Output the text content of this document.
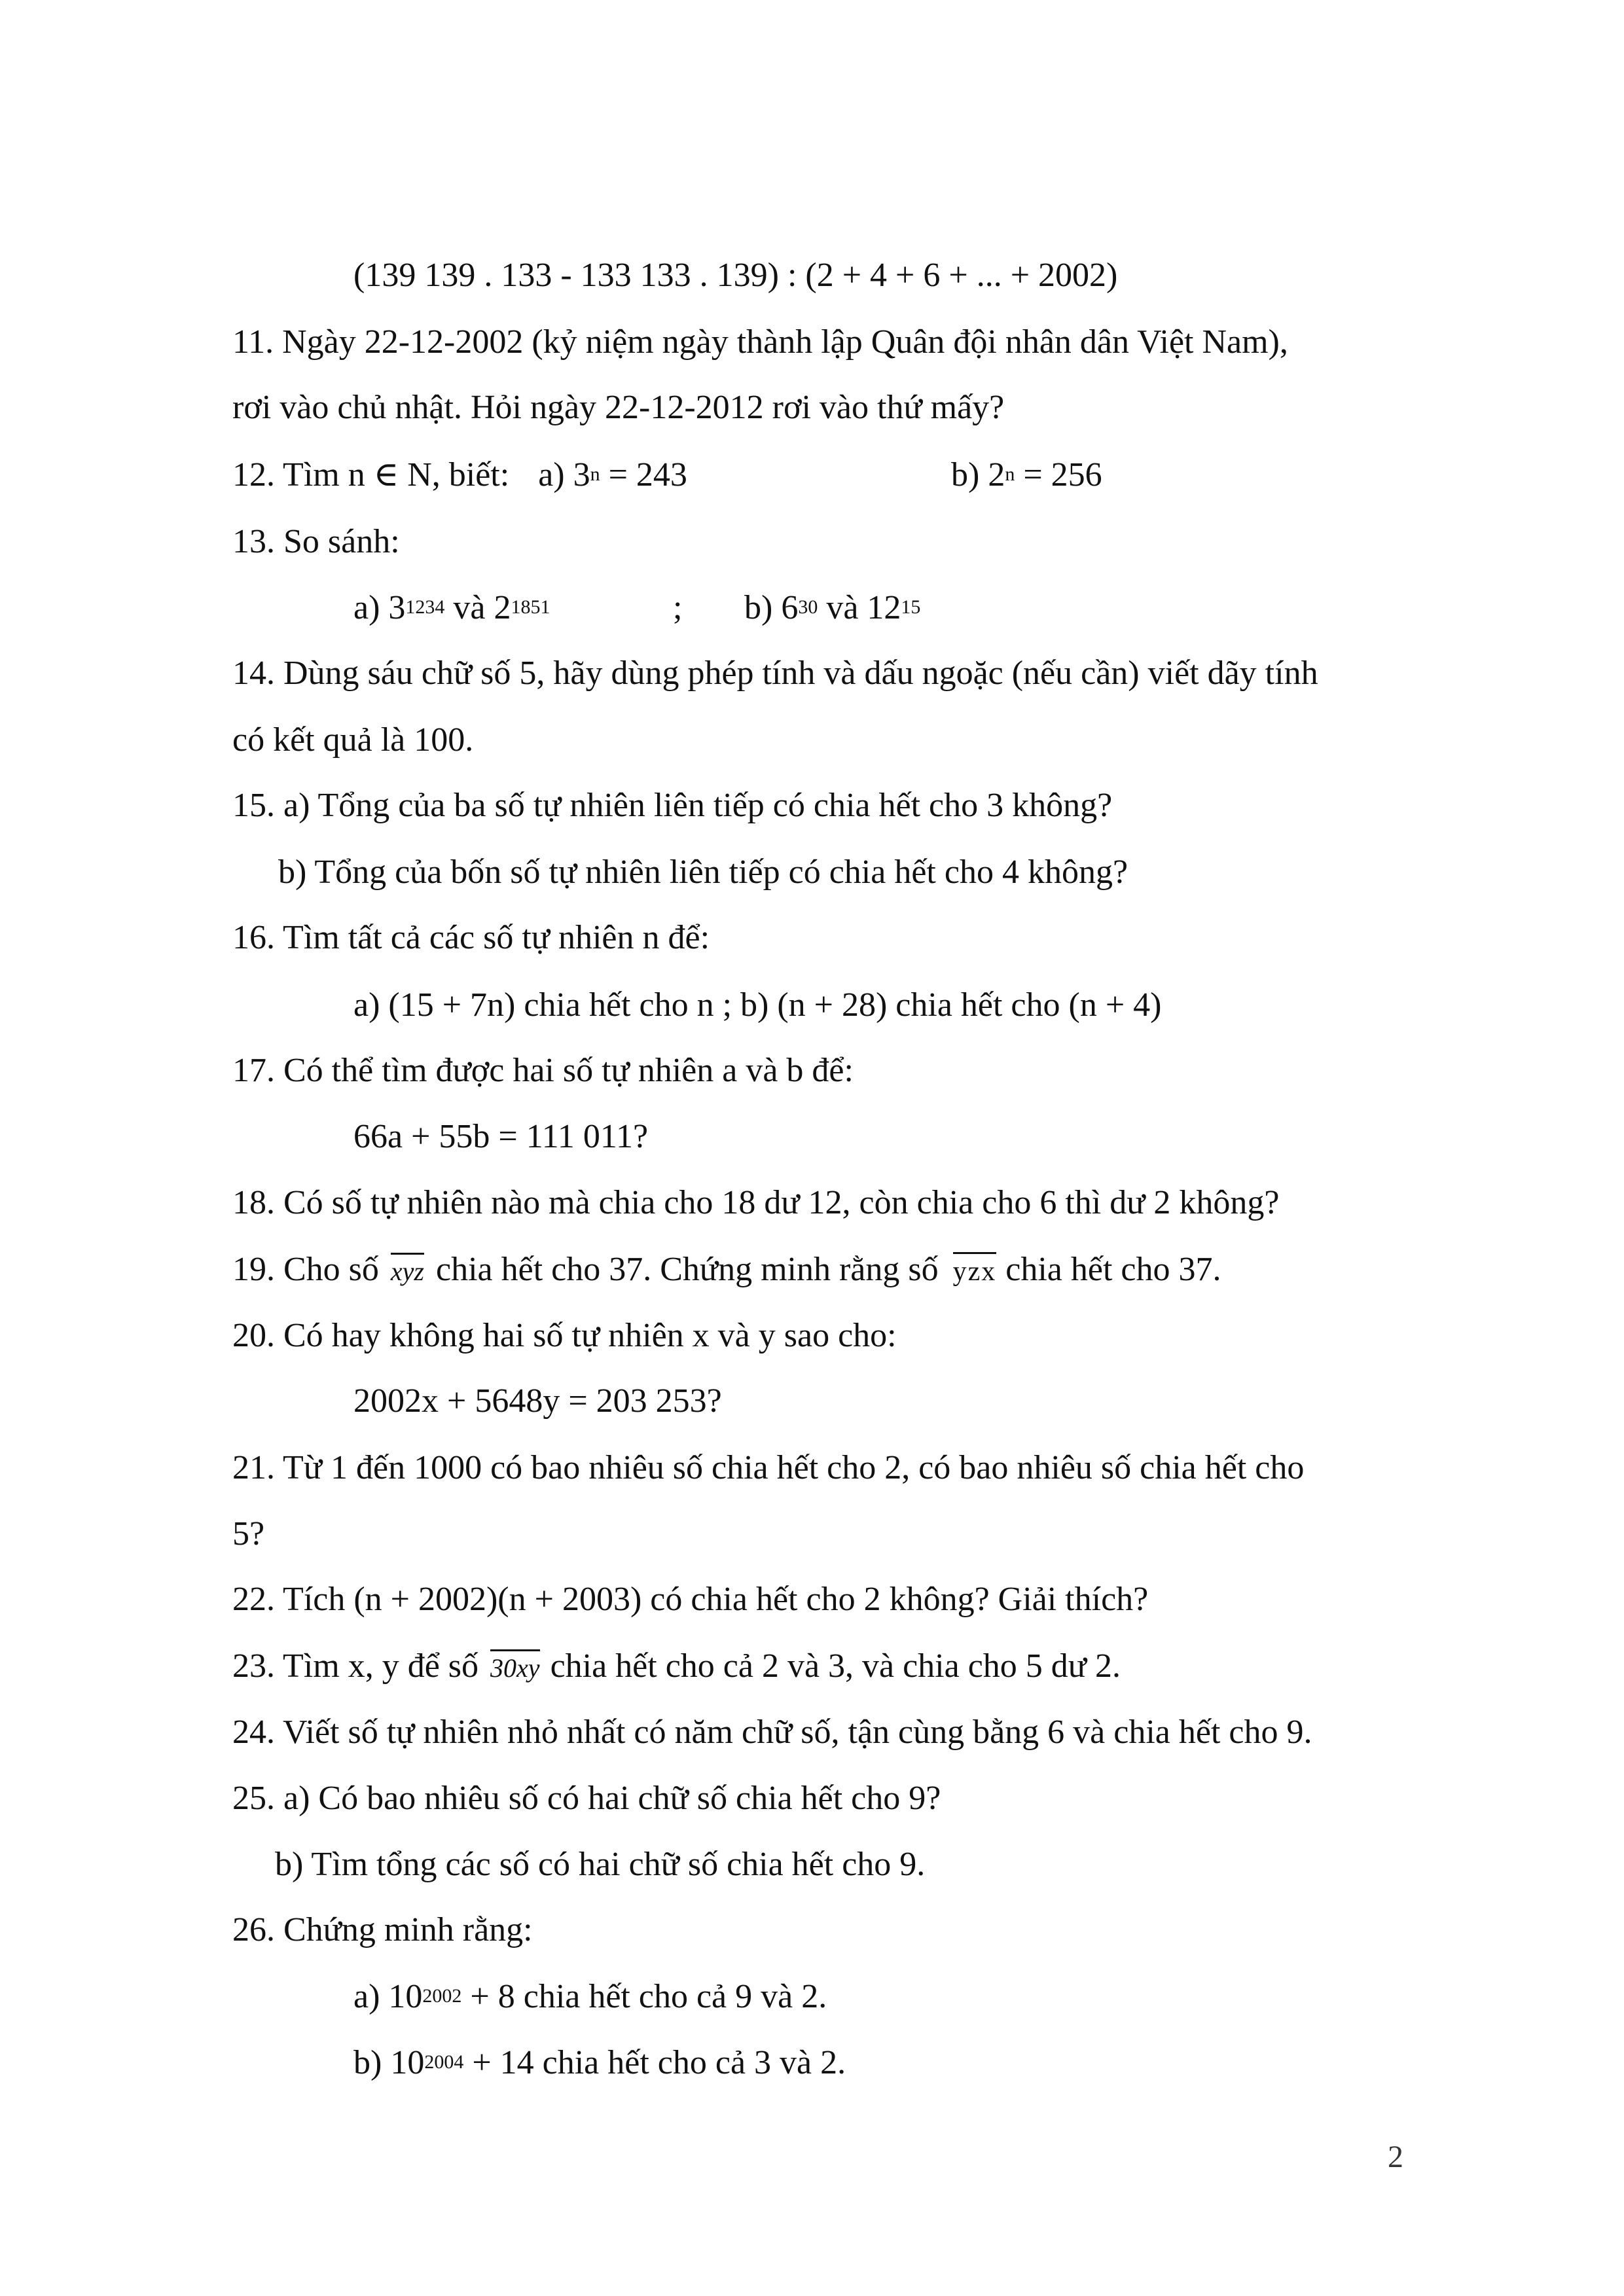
(139 139 . 133 - 133 133 . 139) : (2 + 4 + 6 + ... + 2002)
11. Ngày 22-12-2002 (kỷ niệm ngày thành lập Quân đội nhân dân Việt Nam),
rơi vào chủ nhật. Hỏi ngày 22-12-2012 rơi vào thứ mấy?
12. Tìm n ∈ N, biết: a) $3^n = 243$	b) $2^n = 256$
13. So sánh:
a) $3^{1234}$ và $2^{1851}$	; b) $6^{30}$ và $12^{15}$
14. Dùng sáu chữ số 5, hãy dùng phép tính và dấu ngoặc (nếu cần) viết dãy tính
có kết quả là 100.
15. a) Tổng của ba số tự nhiên liên tiếp có chia hết cho 3 không?
b) Tổng của bốn số tự nhiên liên tiếp có chia hết cho 4 không?
16. Tìm tất cả các số tự nhiên n để:
a) (15 + 7n) chia hết cho n ; b) (n + 28) chia hết cho (n + 4)
17. Có thể tìm được hai số tự nhiên a và b để:
66a + 55b = 111 011?
18. Có số tự nhiên nào mà chia cho 18 dư 12, còn chia cho 6 thì dư 2 không?
19. Cho số xyz chia hết cho 37. Chứng minh rằng số yzx chia hết cho 37.
20. Có hay không hai số tự nhiên x và y sao cho:
2002x + 5648y = 203 253?
21. Từ 1 đến 1000 có bao nhiêu số chia hết cho 2, có bao nhiêu số chia hết cho
5?
22. Tích (n + 2002)(n + 2003) có chia hết cho 2 không? Giải thích?
23. Tìm x, y để số 30xy chia hết cho cả 2 và 3, và chia cho 5 dư 2.
24. Viết số tự nhiên nhỏ nhất có năm chữ số, tận cùng bằng 6 và chia hết cho 9.
25. a) Có bao nhiêu số có hai chữ số chia hết cho 9?
b) Tìm tổng các số có hai chữ số chia hết cho 9.
26. Chứng minh rằng:
a) $10^{2002} + 8$ chia hết cho cả 9 và 2.
b) $10^{2004} + 14$ chia hết cho cả 3 và 2.
2
